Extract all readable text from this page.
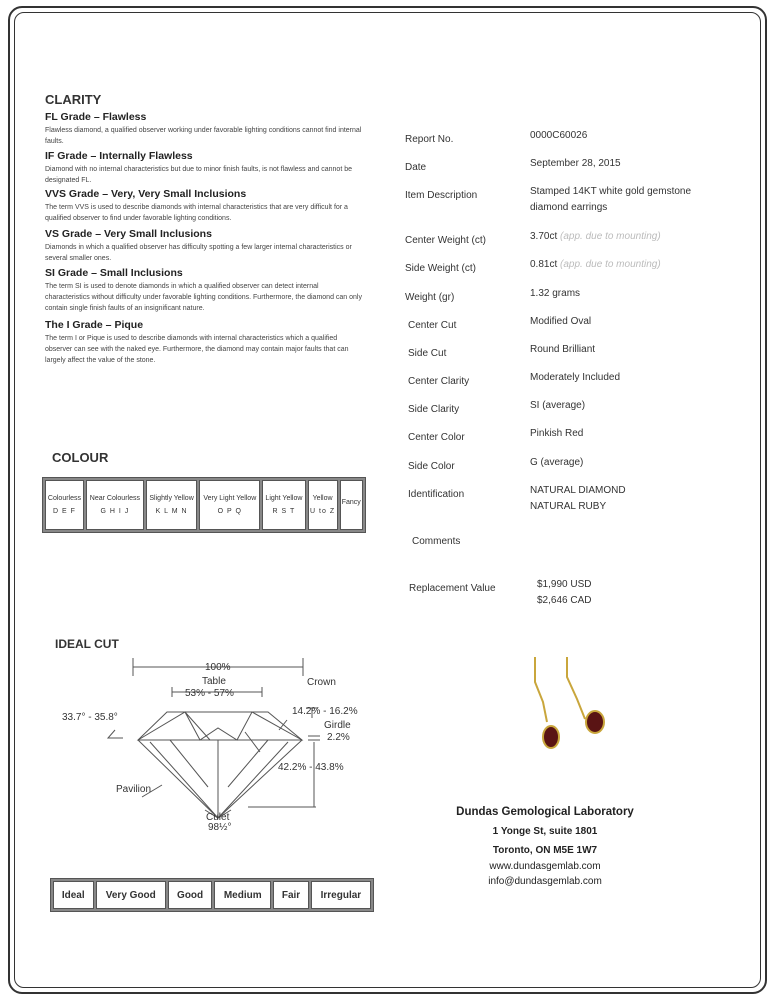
CLARITY
FL Grade – Flawless
Flawless diamond, a qualified observer working under favorable lighting conditions cannot find internal faults.
IF Grade – Internally Flawless
Diamond with no internal characteristics but due to minor finish faults, is not flawless and cannot be designated FL.
VVS Grade – Very, Very Small Inclusions
The term VVS is used to describe diamonds with internal characteristics that are very difficult for a qualified observer to find under favorable lighting conditions.
VS Grade – Very Small Inclusions
Diamonds in which a qualified observer has difficulty spotting a few larger internal characteristics or several smaller ones.
SI Grade – Small Inclusions
The term SI is used to denote diamonds in which a qualified observer can detect internal characteristics without difficulty under favorable lighting conditions. Furthermore, the diamond can only contain single finish faults of an insignificant nature.
The I Grade – Pique
The term I or Pique is used to describe diamonds with internal characteristics which a qualified observer can see with the naked eye. Furthermore, the diamond may contain major faults that can largely affect the value of the stone.
COLOUR
Colourless
D E F

Near Colourless
G H I J

Slightly Yellow
K L M N

Very Light Yellow
O P Q

Light Yellow
R S T

Yellow
U to Z

Fancy
IDEAL CUT
100%
Table
53% - 57%
Crown
33.7° - 35.8°
14.2% - 16.2%
Girdle
2.2%
42.2% - 43.8%
Pavilion
Culet
98½°
Ideal	Very Good	Good	Medium	Fair	Irregular
Report No.	0000C60026
Date	September 28, 2015
Item Description	Stamped 14KT white gold gemstone
diamond earrings
Center Weight (ct)	3.70ct (app. due to mounting)
Side Weight (ct)	0.81ct (app. due to mounting)
Weight (gr)	1.32 grams
Center Cut	Modified Oval
Side Cut	Round Brilliant
Center Clarity	Moderately Included
Side Clarity	SI (average)
Center Color	Pinkish Red
Side Color	G (average)
Identification	NATURAL DIAMOND
NATURAL RUBY
Comments
Replacement Value	$1,990 USD
$2,646 CAD
Dundas Gemological Laboratory
1 Yonge St, suite 1801
Toronto, ON M5E 1W7
www.dundasgemlab.com
info@dundasgemlab.com
